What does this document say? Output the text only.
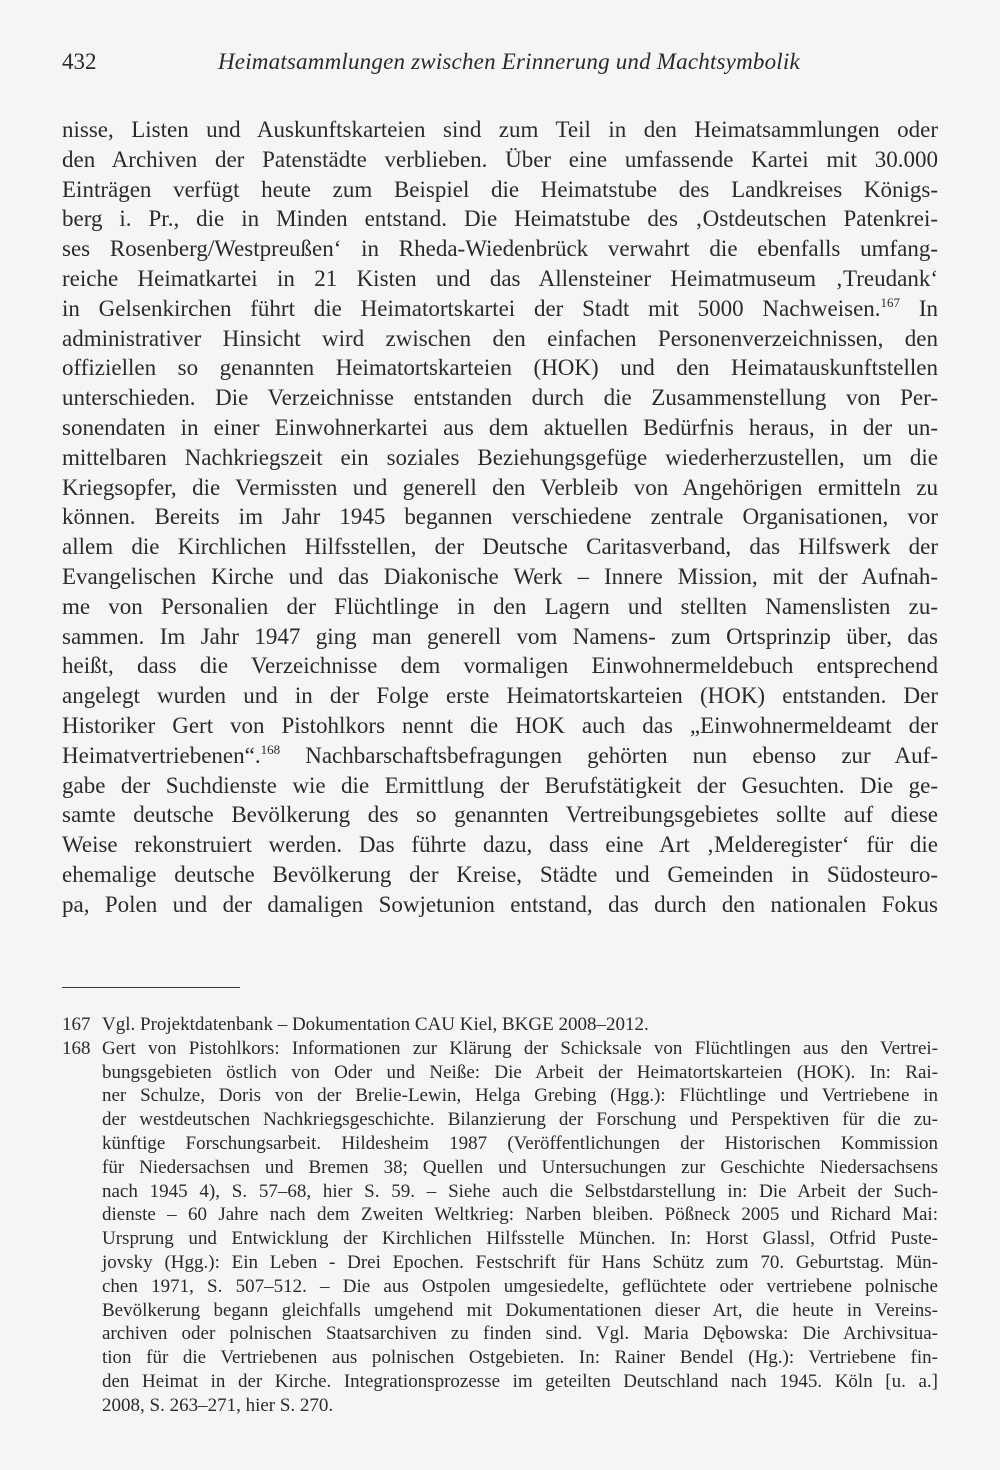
432	Heimatsammlungen zwischen Erinnerung und Machtsymbolik
nisse, Listen und Auskunftskarteien sind zum Teil in den Heimatsammlungen oder
den Archiven der Patenstädte verblieben. Über eine umfassende Kartei mit 30.000
Einträgen verfügt heute zum Beispiel die Heimatstube des Landkreises Königs-
berg i. Pr., die in Minden entstand. Die Heimatstube des ‚Ostdeutschen Patenkrei-
ses Rosenberg/Westpreußen‘ in Rheda-Wiedenbrück verwahrt die ebenfalls umfang-
reiche Heimatkartei in 21 Kisten und das Allensteiner Heimatmuseum ‚Treudank‘
in Gelsenkirchen führt die Heimatortskartei der Stadt mit 5000 Nachweisen.$^{167}$ In
administrativer Hinsicht wird zwischen den einfachen Personenverzeichnissen, den
offiziellen so genannten Heimatortskarteien (HOK) und den Heimatauskunftstellen
unterschieden. Die Verzeichnisse entstanden durch die Zusammenstellung von Per-
sonendaten in einer Einwohnerkartei aus dem aktuellen Bedürfnis heraus, in der un-
mittelbaren Nachkriegszeit ein soziales Beziehungsgefüge wiederherzustellen, um die
Kriegsopfer, die Vermissten und generell den Verbleib von Angehörigen ermitteln zu
können. Bereits im Jahr 1945 begannen verschiedene zentrale Organisationen, vor
allem die Kirchlichen Hilfsstellen, der Deutsche Caritasverband, das Hilfswerk der
Evangelischen Kirche und das Diakonische Werk – Innere Mission, mit der Aufnah-
me von Personalien der Flüchtlinge in den Lagern und stellten Namenslisten zu-
sammen. Im Jahr 1947 ging man generell vom Namens- zum Ortsprinzip über, das
heißt, dass die Verzeichnisse dem vormaligen Einwohnermeldebuch entsprechend
angelegt wurden und in der Folge erste Heimatortskarteien (HOK) entstanden. Der
Historiker Gert von Pistohlkors nennt die HOK auch das „Einwohnermeldeamt der
Heimatvertriebenen“.$^{168}$ Nachbarschaftsbefragungen gehörten nun ebenso zur Auf-
gabe der Suchdienste wie die Ermittlung der Berufstätigkeit der Gesuchten. Die ge-
samte deutsche Bevölkerung des so genannten Vertreibungsgebietes sollte auf diese
Weise rekonstruiert werden. Das führte dazu, dass eine Art ‚Melderegister‘ für die
ehemalige deutsche Bevölkerung der Kreise, Städte und Gemeinden in Südosteuro-
pa, Polen und der damaligen Sowjetunion entstand, das durch den nationalen Fokus
167 Vgl. Projektdatenbank – Dokumentation CAU Kiel, BKGE 2008–2012.
168 Gert von Pistohlkors: Informationen zur Klärung der Schicksale von Flüchtlingen aus den Vertrei-
bungsgebieten östlich von Oder und Neiße: Die Arbeit der Heimatortskarteien (HOK). In: Rai-
ner Schulze, Doris von der Brelie-Lewin, Helga Grebing (Hgg.): Flüchtlinge und Vertriebene in
der westdeutschen Nachkriegsgeschichte. Bilanzierung der Forschung und Perspektiven für die zu-
künftige Forschungsarbeit. Hildesheim 1987 (Veröffentlichungen der Historischen Kommission
für Niedersachsen und Bremen 38; Quellen und Untersuchungen zur Geschichte Niedersachsens
nach 1945 4), S. 57–68, hier S. 59. – Siehe auch die Selbstdarstellung in: Die Arbeit der Such-
dienste – 60 Jahre nach dem Zweiten Weltkrieg: Narben bleiben. Pößneck 2005 und Richard Mai:
Ursprung und Entwicklung der Kirchlichen Hilfsstelle München. In: Horst Glassl, Otfrid Puste-
jovsky (Hgg.): Ein Leben - Drei Epochen. Festschrift für Hans Schütz zum 70. Geburtstag. Mün-
chen 1971, S. 507–512. – Die aus Ostpolen umgesiedelte, geflüchtete oder vertriebene polnische
Bevölkerung begann gleichfalls umgehend mit Dokumentationen dieser Art, die heute in Vereins-
archiven oder polnischen Staatsarchiven zu finden sind. Vgl. Maria Dębowska: Die Archivsitua-
tion für die Vertriebenen aus polnischen Ostgebieten. In: Rainer Bendel (Hg.): Vertriebene fin-
den Heimat in der Kirche. Integrationsprozesse im geteilten Deutschland nach 1945. Köln [u. a.]
2008, S. 263–271, hier S. 270.
